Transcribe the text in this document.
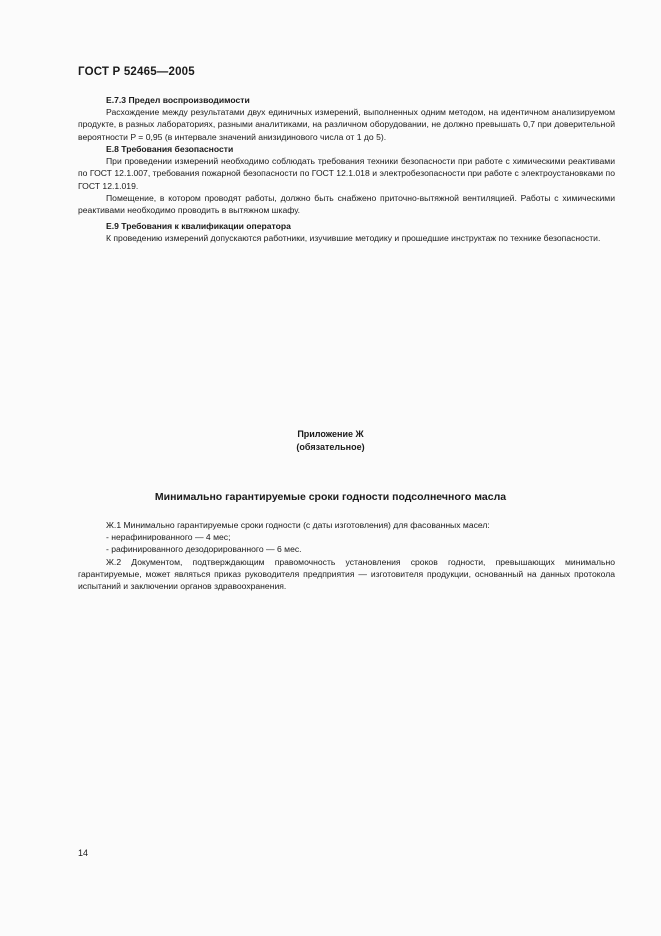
ГОСТ Р 52465—2005
Е.7.3 Предел воспроизводимости

Расхождение между результатами двух единичных измерений, выполненных одним методом, на идентичном анализируемом продукте, в разных лабораториях, разными аналитиками, на различном оборудовании, не должно превышать 0,7 при доверительной вероятности P = 0,95 (в интервале значений анизидинового числа от 1 до 5).

Е.8 Требования безопасности

При проведении измерений необходимо соблюдать требования техники безопасности при работе с химическими реактивами по ГОСТ 12.1.007, требования пожарной безопасности по ГОСТ 12.1.018 и электробезопасности при работе с электроустановками по ГОСТ 12.1.019.

Помещение, в котором проводят работы, должно быть снабжено приточно-вытяжной вентиляцией. Работы с химическими реактивами необходимо проводить в вытяжном шкафу.

Е.9 Требования к квалификации оператора

К проведению измерений допускаются работники, изучившие методику и прошедшие инструктаж по технике безопасности.

Приложение Ж
(обязательное)
Минимально гарантируемые сроки годности подсолнечного масла

Ж.1 Минимально гарантируемые сроки годности (с даты изготовления) для фасованных масел:

- нерафинированного — 4 мес;
- рафинированного дезодорированного — 6 мес.

Ж.2 Документом, подтверждающим правомочность установления сроков годности, превышающих минимально гарантируемые, может являться приказ руководителя предприятия — изготовителя продукции, основанный на данных протокола испытаний и заключении органов здравоохранения.

14
